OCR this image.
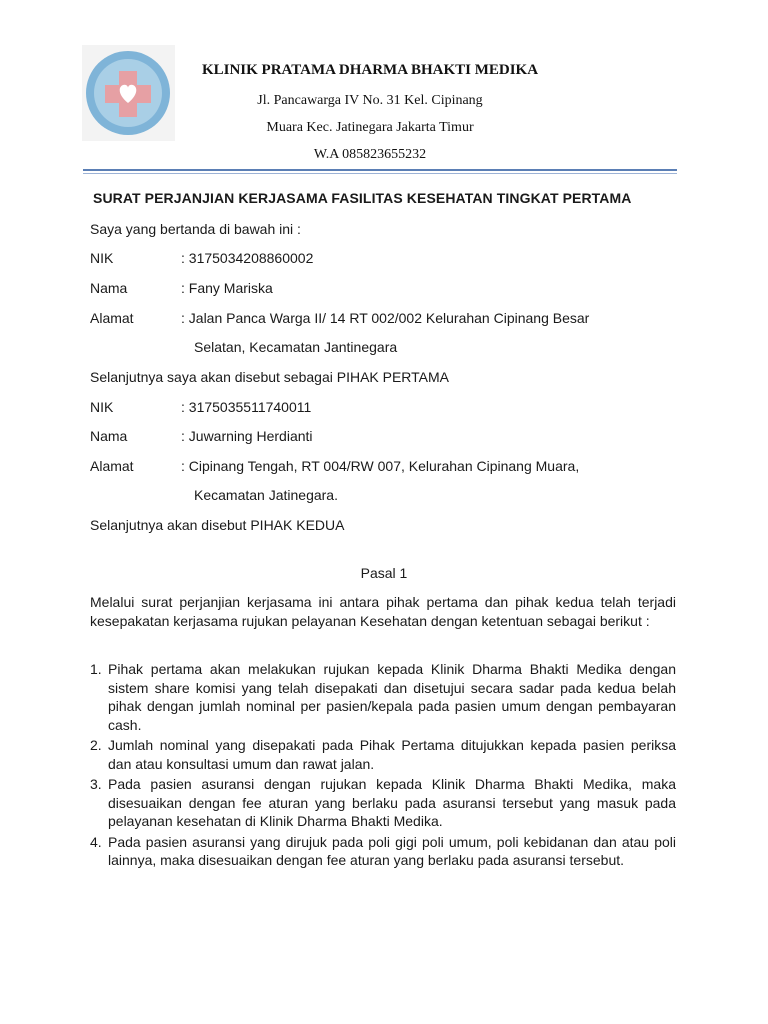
KLINIK PRATAMA DHARMA BHAKTI MEDIKA
Jl. Pancawarga IV No. 31 Kel. Cipinang
Muara Kec. Jatinegara Jakarta Timur
W.A 085823655232
SURAT PERJANJIAN KERJASAMA FASILITAS KESEHATAN TINGKAT PERTAMA
Saya yang bertanda di bawah ini :
NIK	: 3175034208860002
Nama	: Fany Mariska
Alamat	: Jalan Panca Warga II/ 14 RT 002/002 Kelurahan Cipinang Besar
Selatan, Kecamatan Jantinegara
Selanjutnya saya akan disebut sebagai PIHAK PERTAMA
NIK	: 3175035511740011
Nama	: Juwarning Herdianti
Alamat	: Cipinang Tengah, RT 004/RW 007, Kelurahan Cipinang Muara,
Kecamatan Jatinegara.
Selanjutnya akan disebut PIHAK KEDUA
Pasal 1
Melalui surat perjanjian kerjasama ini antara pihak pertama dan pihak kedua telah terjadi kesepakatan kerjasama rujukan pelayanan Kesehatan dengan ketentuan sebagai berikut :
1. Pihak pertama akan melakukan rujukan kepada Klinik Dharma Bhakti Medika dengan sistem share komisi yang telah disepakati dan disetujui secara sadar pada kedua belah pihak dengan jumlah nominal per pasien/kepala pada pasien umum dengan pembayaran cash.
2. Jumlah nominal yang disepakati pada Pihak Pertama ditujukkan kepada pasien periksa dan atau konsultasi umum dan rawat jalan.
3. Pada pasien asuransi dengan rujukan kepada Klinik Dharma Bhakti Medika, maka disesuaikan dengan fee aturan yang berlaku pada asuransi tersebut yang masuk pada pelayanan kesehatan di Klinik Dharma Bhakti Medika.
4. Pada pasien asuransi yang dirujuk pada poli gigi poli umum, poli kebidanan dan atau poli lainnya, maka disesuaikan dengan fee aturan yang berlaku pada asuransi tersebut.
